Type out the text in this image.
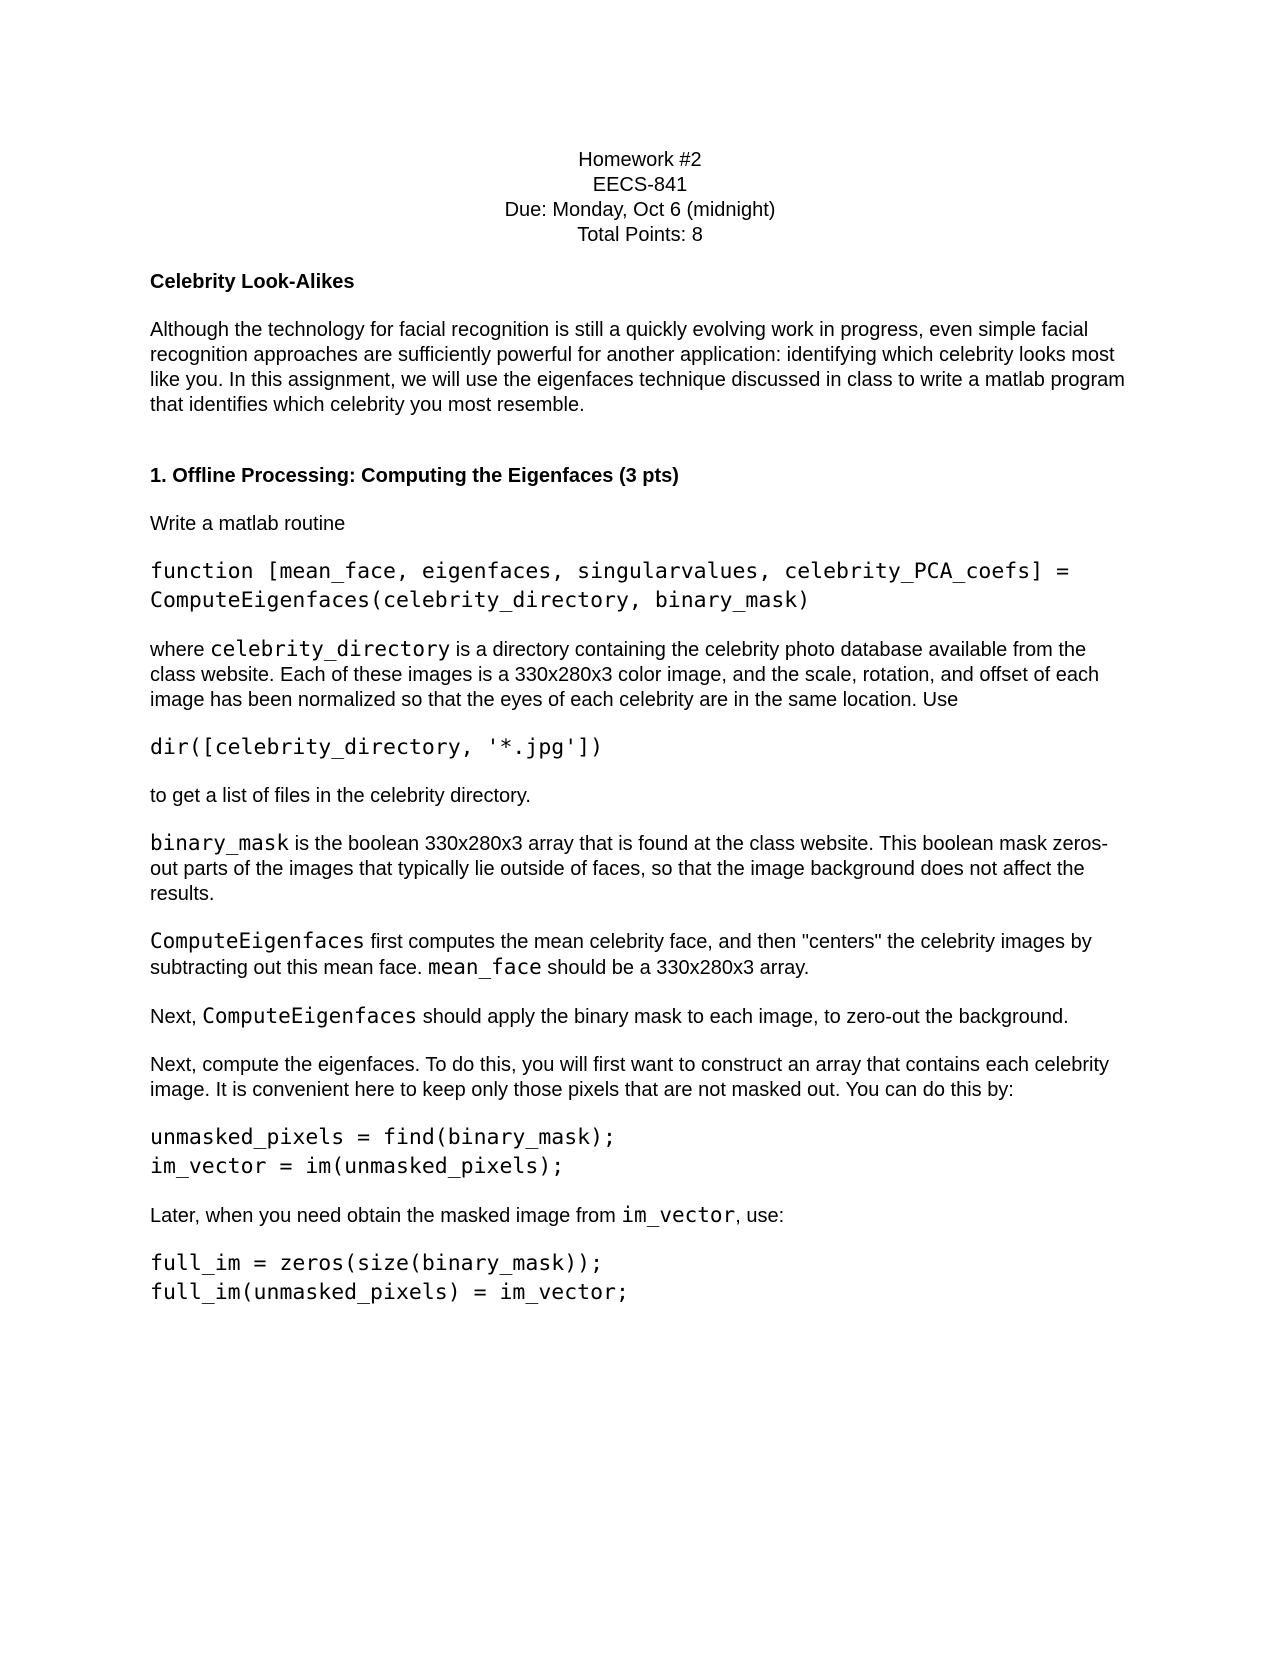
Homework #2
EECS-841
Due: Monday, Oct 6 (midnight)
Total Points: 8
Celebrity Look-Alikes

Although the technology for facial recognition is still a quickly evolving work in progress, even simple facial recognition approaches are sufficiently powerful for another application: identifying which celebrity looks most like you. In this assignment, we will use the eigenfaces technique discussed in class to write a matlab program that identifies which celebrity you most resemble.

1. Offline Processing: Computing the Eigenfaces (3 pts)

Write a matlab routine

function [mean_face, eigenfaces, singularvalues, celebrity_PCA_coefs] =
ComputeEigenfaces(celebrity_directory, binary_mask)

where celebrity_directory is a directory containing the celebrity photo database available from the class website. Each of these images is a 330x280x3 color image, and the scale, rotation, and offset of each image has been normalized so that the eyes of each celebrity are in the same location. Use

dir([celebrity_directory, '*.jpg'])

to get a list of files in the celebrity directory.

binary_mask is the boolean 330x280x3 array that is found at the class website. This boolean mask zeros-out parts of the images that typically lie outside of faces, so that the image background does not affect the results.

ComputeEigenfaces first computes the mean celebrity face, and then "centers" the celebrity images by subtracting out this mean face. mean_face should be a 330x280x3 array.

Next, ComputeEigenfaces should apply the binary mask to each image, to zero-out the background.

Next, compute the eigenfaces. To do this, you will first want to construct an array that contains each celebrity image. It is convenient here to keep only those pixels that are not masked out. You can do this by:

unmasked_pixels = find(binary_mask);
im_vector = im(unmasked_pixels);

Later, when you need obtain the masked image from im_vector, use:

full_im = zeros(size(binary_mask));
full_im(unmasked_pixels) = im_vector;
